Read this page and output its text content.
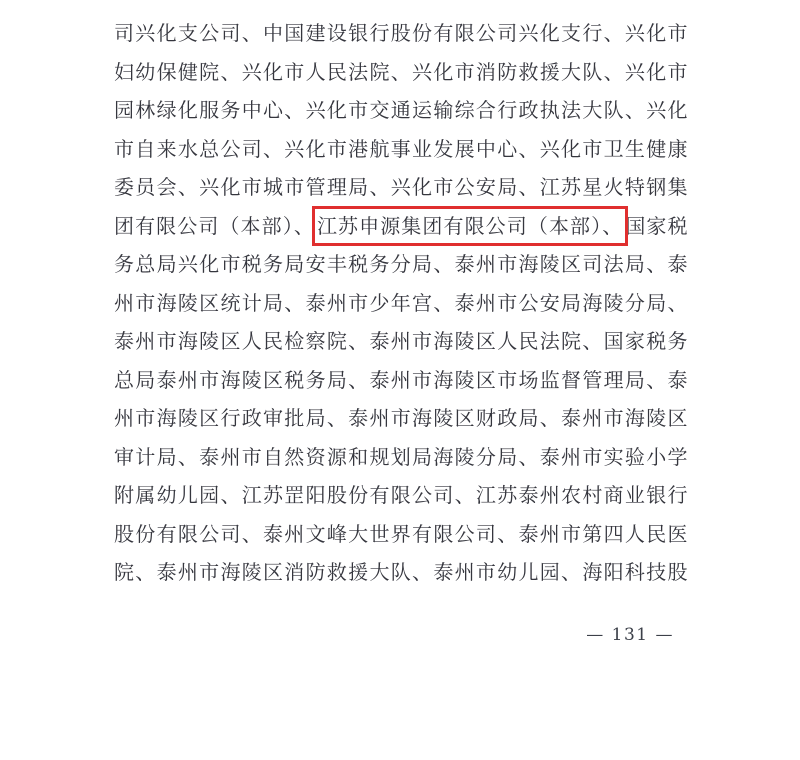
司兴化支公司、中国建设银行股份有限公司兴化支行、兴化市
妇幼保健院、兴化市人民法院、兴化市消防救援大队、兴化市
园林绿化服务中心、兴化市交通运输综合行政执法大队、兴化
市自来水总公司、兴化市港航事业发展中心、兴化市卫生健康
委员会、兴化市城市管理局、兴化市公安局、江苏星火特钢集
团有限公司（本部）、 江苏申源集团有限公司（本部）、 国家税
务总局兴化市税务局安丰税务分局、泰州市海陵区司法局、泰
州市海陵区统计局、泰州市少年宫、泰州市公安局海陵分局、
泰州市海陵区人民检察院、泰州市海陵区人民法院、国家税务
总局泰州市海陵区税务局、泰州市海陵区市场监督管理局、泰
州市海陵区行政审批局、泰州市海陵区财政局、泰州市海陵区
审计局、泰州市自然资源和规划局海陵分局、泰州市实验小学
附属幼儿园、江苏罡阳股份有限公司、江苏泰州农村商业银行
股份有限公司、泰州文峰大世界有限公司、泰州市第四人民医
院、泰州市海陵区消防救援大队、泰州市幼儿园、海阳科技股
— 131 —
